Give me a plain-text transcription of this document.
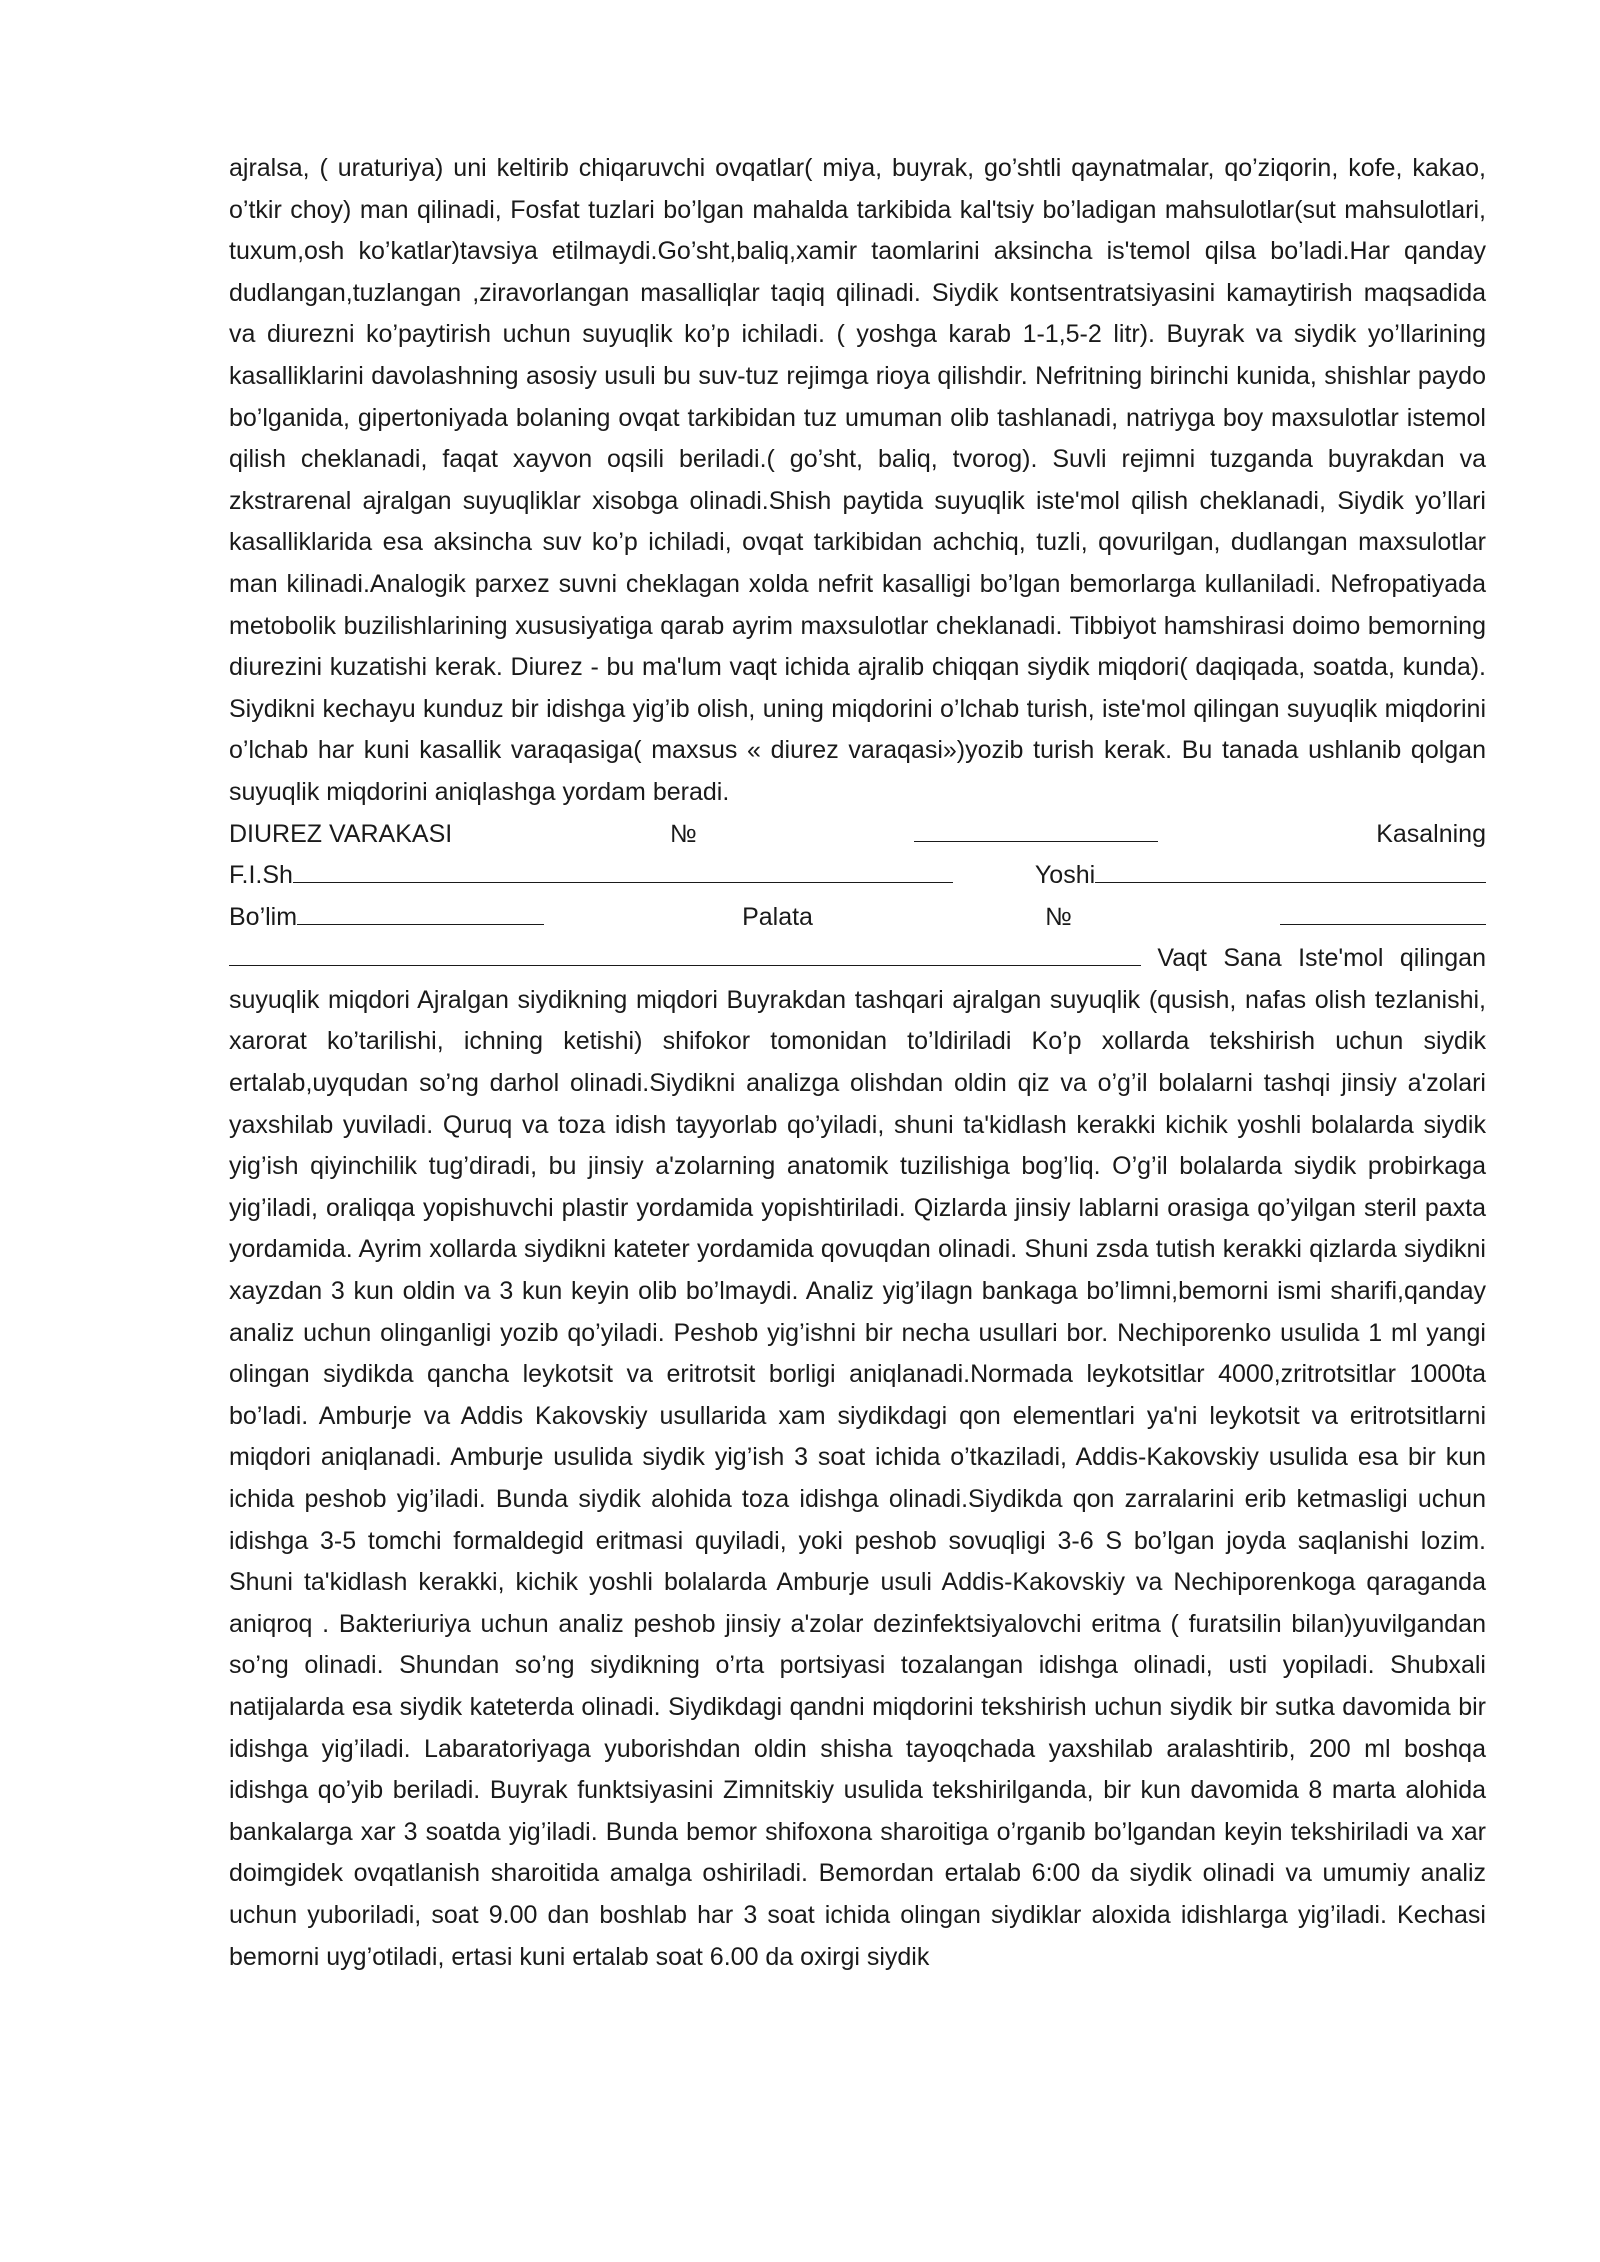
ajralsa, ( uraturiya) uni keltirib chiqaruvchi ovqatlar( miya, buyrak, go’shtli qaynatmalar, qo’ziqorin, kofe, kakao, o’tkir choy) man qilinadi, Fosfat tuzlari bo’lgan mahalda tarkibida kal'tsiy bo’ladigan mahsulotlar(sut mahsulotlari, tuxum,osh ko’katlar)tavsiya etilmaydi.Go’sht,baliq,xamir taomlarini aksincha is'temol qilsa bo’ladi.Har qanday dudlangan,tuzlangan ,ziravorlangan masalliqlar taqiq qilinadi. Siydik kontsentratsiyasini kamaytirish maqsadida va diurezni ko’paytirish uchun suyuqlik ko’p ichiladi. ( yoshga karab 1-1,5-2 litr). Buyrak va siydik yo’llarining kasalliklarini davolashning asosiy usuli bu suv-tuz rejimga rioya qilishdir. Nefritning birinchi kunida, shishlar paydo bo’lganida, gipertoniyada bolaning ovqat tarkibidan tuz umuman olib tashlanadi, natriyga boy maxsulotlar istemol qilish cheklanadi, faqat xayvon oqsili beriladi.( go’sht, baliq, tvorog). Suvli rejimni tuzganda buyrakdan va zkstrarenal ajralgan suyuqliklar xisobga olinadi.Shish paytida suyuqlik iste'mol qilish cheklanadi, Siydik yo’llari kasalliklarida esa aksincha suv ko’p ichiladi, ovqat tarkibidan achchiq, tuzli, qovurilgan, dudlangan maxsulotlar man kilinadi.Analogik parxez suvni cheklagan xolda nefrit kasalligi bo’lgan bemorlarga kullaniladi. Nefropatiyada metobolik buzilishlarining xususiyatiga qarab ayrim maxsulotlar cheklanadi. Tibbiyot hamshirasi doimo bemorning diurezini kuzatishi kerak. Diurez - bu ma'lum vaqt ichida ajralib chiqqan siydik miqdori( daqiqada, soatda, kunda). Siydikni kechayu kunduz bir idishga yig’ib olish, uning miqdorini o’lchab turish, iste'mol qilingan suyuqlik miqdorini o’lchab har kuni kasallik varaqasiga( maxsus « diurez varaqasi»)yozib turish kerak. Bu tanada ushlanib qolgan suyuqlik miqdorini aniqlashga yordam beradi.

DIUREZ VARAKASI	№	Kasalning
F.I.Sh	Yoshi
Bo’lim	Palata	№

Vaqt Sana Iste'mol qilingan suyuqlik miqdori Ajralgan siydikning miqdori Buyrakdan tashqari ajralgan suyuqlik (qusish, nafas olish tezlanishi, xarorat ko’tarilishi, ichning ketishi) shifokor tomonidan to’ldiriladi Ko’p xollarda tekshirish uchun siydik ertalab,uyqudan so’ng darhol olinadi.Siydikni analizga olishdan oldin qiz va o’g’il bolalarni tashqi jinsiy a'zolari yaxshilab yuviladi. Quruq va toza idish tayyorlab qo’yiladi, shuni ta'kidlash kerakki kichik yoshli bolalarda siydik yig’ish qiyinchilik tug’diradi, bu jinsiy a'zolarning anatomik tuzilishiga bog’liq. O’g’il bolalarda siydik probirkaga yig’iladi, oraliqqa yopishuvchi plastir yordamida yopishtiriladi. Qizlarda jinsiy lablarni orasiga qo’yilgan steril paxta yordamida. Ayrim xollarda siydikni kateter yordamida qovuqdan olinadi. Shuni zsda tutish kerakki qizlarda siydikni xayzdan 3 kun oldin va 3 kun keyin olib bo’lmaydi. Analiz yig’ilagn bankaga bo’limni,bemorni ismi sharifi,qanday analiz uchun olinganligi yozib qo’yiladi. Peshob yig’ishni bir necha usullari bor. Nechiporenko usulida 1 ml yangi olingan siydikda qancha leykotsit va eritrotsit borligi aniqlanadi.Normada leykotsitlar 4000,zritrotsitlar 1000ta bo’ladi. Amburje va Addis Kakovskiy usullarida xam siydikdagi qon elementlari ya'ni leykotsit va eritrotsitlarni miqdori aniqlanadi. Amburje usulida siydik yig’ish 3 soat ichida o’tkaziladi, Addis-Kakovskiy usulida esa bir kun ichida peshob yig’iladi. Bunda siydik alohida toza idishga olinadi.Siydikda qon zarralarini erib ketmasligi uchun idishga 3-5 tomchi formaldegid eritmasi quyiladi, yoki peshob sovuqligi 3-6 S bo’lgan joyda saqlanishi lozim. Shuni ta'kidlash kerakki, kichik yoshli bolalarda Amburje usuli Addis-Kakovskiy va Nechiporenkoga qaraganda aniqroq . Bakteriuriya uchun analiz peshob jinsiy a'zolar dezinfektsiyalovchi eritma ( furatsilin bilan)yuvilgandan so’ng olinadi. Shundan so’ng siydikning o’rta portsiyasi tozalangan idishga olinadi, usti yopiladi. Shubxali natijalarda esa siydik kateterda olinadi. Siydikdagi qandni miqdorini tekshirish uchun siydik bir sutka davomida bir idishga yig’iladi. Labaratoriyaga yuborishdan oldin shisha tayoqchada yaxshilab aralashtirib, 200 ml boshqa idishga qo’yib beriladi. Buyrak funktsiyasini Zimnitskiy usulida tekshirilganda, bir kun davomida 8 marta alohida bankalarga xar 3 soatda yig’iladi. Bunda bemor shifoxona sharoitiga o’rganib bo’lgandan keyin tekshiriladi va xar doimgidek ovqatlanish sharoitida amalga oshiriladi. Bemordan ertalab 6:00 da siydik olinadi va umumiy analiz uchun yuboriladi, soat 9.00 dan boshlab har 3 soat ichida olingan siydiklar aloxida idishlarga yig’iladi. Kechasi bemorni uyg’otiladi, ertasi kuni ertalab soat 6.00 da oxirgi siydik
